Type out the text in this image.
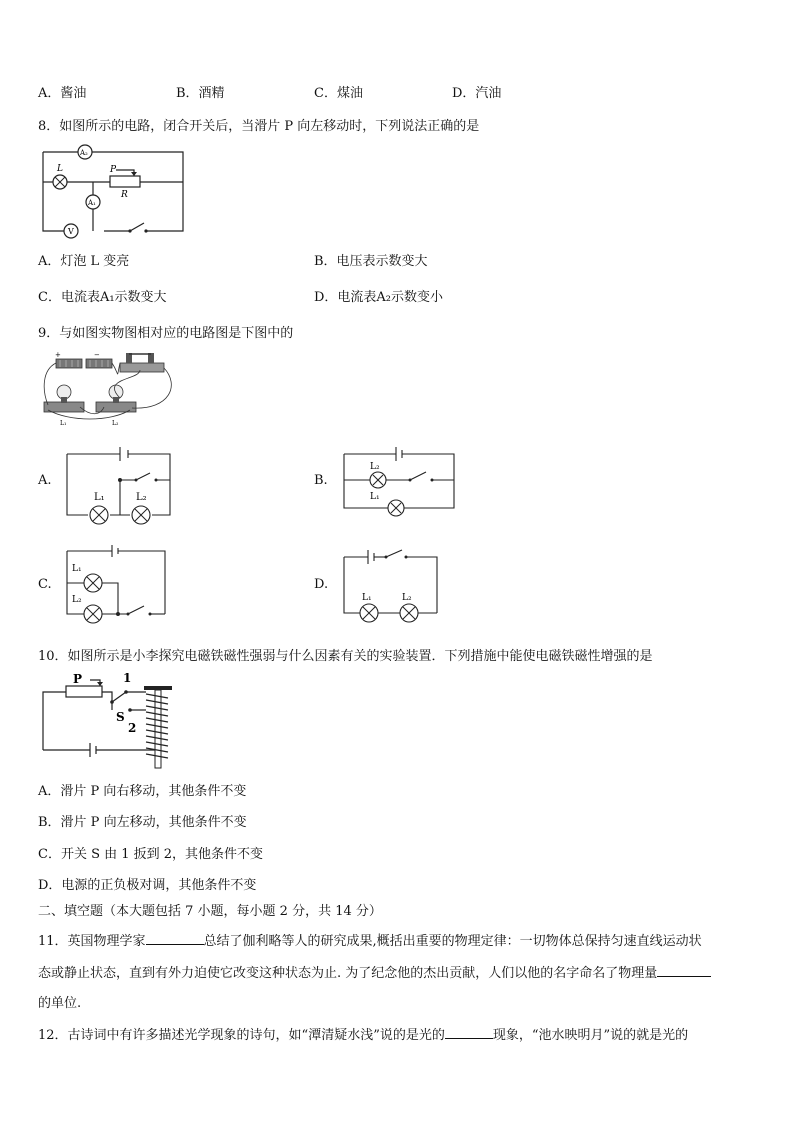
A．酱油	B．酒精	C．煤油	D．汽油
8．如图所示的电路，闭合开关后，当滑片 P 向左移动时，下列说法正确的是
A₂
L	P
R
A₁
V
A．灯泡 L 变亮	B．电压表示数变大
C．电流表A₁示数变大	D．电流表A₂示数变小
9．与如图实物图相对应的电路图是下图中的
+	−
L₁	L₂
A.
L₁	L₂
B.
L₂
L₁
C.
L₁
L₂
D.
L₁	L₂
10．如图所示是小李探究电磁铁磁性强弱与什么因素有关的实验装置．下列措施中能使电磁铁磁性增强的是
P	1
S
2
A．滑片 P 向右移动，其他条件不变
B．滑片 P 向左移动，其他条件不变
C．开关 S 由 1 扳到 2，其他条件不变
D．电源的正负极对调，其他条件不变
二、填空题（本大题包括 7 小题，每小题 2 分，共 14 分）
11．英国物理学家	总结了伽利略等人的研究成果,概括出重要的物理定律：一切物体总保持匀速直线运动状
态或静止状态，直到有外力迫使它改变这种状态为止. 为了纪念他的杰出贡献，人们以他的名字命名了物理量
的单位.
12．古诗词中有许多描述光学现象的诗句，如“潭清疑水浅”说的是光的	现象，“池水映明月”说的就是光的
